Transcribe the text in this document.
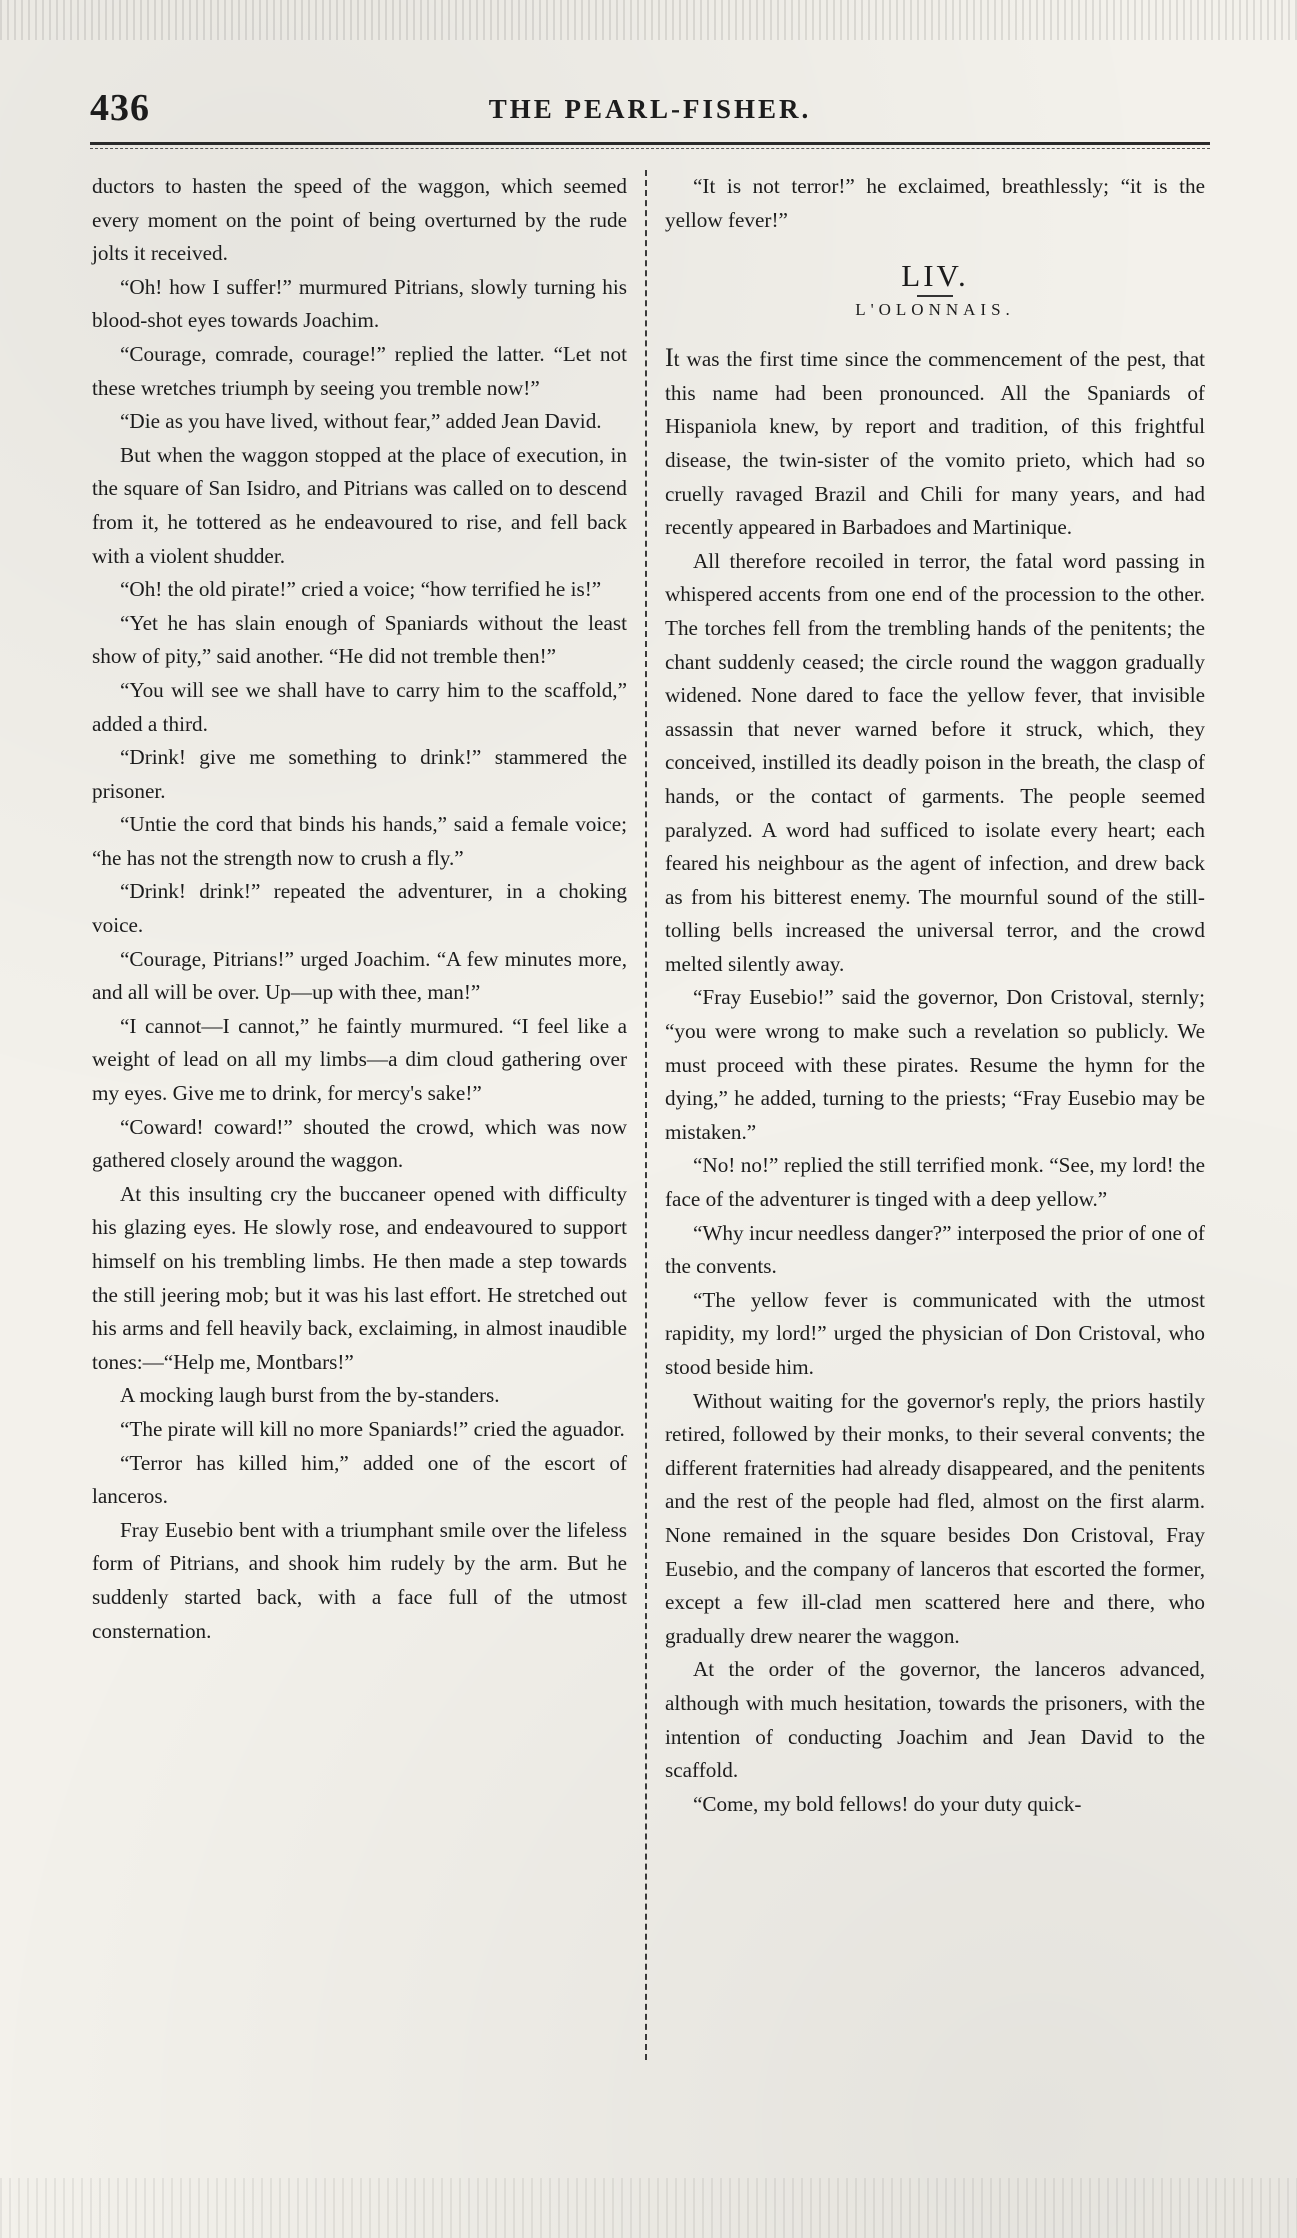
436	THE PEARL-FISHER.

ductors to hasten the speed of the waggon, which seemed every moment on the point of being overturned by the rude jolts it received.

“Oh! how I suffer!” murmured Pitrians, slowly turning his blood-shot eyes towards Joachim.

“Courage, comrade, courage!” replied the latter. “Let not these wretches triumph by seeing you tremble now!”

“Die as you have lived, without fear,” added Jean David.

But when the waggon stopped at the place of execution, in the square of San Isidro, and Pitrians was called on to descend from it, he tottered as he endeavoured to rise, and fell back with a violent shudder.

“Oh! the old pirate!” cried a voice; “how terrified he is!”

“Yet he has slain enough of Spaniards without the least show of pity,” said another. “He did not tremble then!”

“You will see we shall have to carry him to the scaffold,” added a third.

“Drink! give me something to drink!” stammered the prisoner.

“Untie the cord that binds his hands,” said a female voice; “he has not the strength now to crush a fly.”

“Drink! drink!” repeated the adventurer, in a choking voice.

“Courage, Pitrians!” urged Joachim. “A few minutes more, and all will be over. Up—up with thee, man!”

“I cannot—I cannot,” he faintly murmured. “I feel like a weight of lead on all my limbs—a dim cloud gathering over my eyes. Give me to drink, for mercy's sake!”

“Coward! coward!” shouted the crowd, which was now gathered closely around the waggon.

At this insulting cry the buccaneer opened with difficulty his glazing eyes. He slowly rose, and endeavoured to support himself on his trembling limbs. He then made a step towards the still jeering mob; but it was his last effort. He stretched out his arms and fell heavily back, exclaiming, in almost inaudible tones:—“Help me, Montbars!”

A mocking laugh burst from the by-standers.

“The pirate will kill no more Spaniards!” cried the aguador.

“Terror has killed him,” added one of the escort of lanceros.

Fray Eusebio bent with a triumphant smile over the lifeless form of Pitrians, and shook him rudely by the arm. But he suddenly started back, with a face full of the utmost consternation.

“It is not terror!” he exclaimed, breathlessly; “it is the yellow fever!”

LIV.
L'OLONNAIS.

It was the first time since the commencement of the pest, that this name had been pronounced. All the Spaniards of Hispaniola knew, by report and tradition, of this frightful disease, the twin-sister of the vomito prieto, which had so cruelly ravaged Brazil and Chili for many years, and had recently appeared in Barbadoes and Martinique.

All therefore recoiled in terror, the fatal word passing in whispered accents from one end of the procession to the other. The torches fell from the trembling hands of the penitents; the chant suddenly ceased; the circle round the waggon gradually widened. None dared to face the yellow fever, that invisible assassin that never warned before it struck, which, they conceived, instilled its deadly poison in the breath, the clasp of hands, or the contact of garments. The people seemed paralyzed. A word had sufficed to isolate every heart; each feared his neighbour as the agent of infection, and drew back as from his bitterest enemy. The mournful sound of the still-tolling bells increased the universal terror, and the crowd melted silently away.

“Fray Eusebio!” said the governor, Don Cristoval, sternly; “you were wrong to make such a revelation so publicly. We must proceed with these pirates. Resume the hymn for the dying,” he added, turning to the priests; “Fray Eusebio may be mistaken.”

“No! no!” replied the still terrified monk. “See, my lord! the face of the adventurer is tinged with a deep yellow.”

“Why incur needless danger?” interposed the prior of one of the convents.

“The yellow fever is communicated with the utmost rapidity, my lord!” urged the physician of Don Cristoval, who stood beside him.

Without waiting for the governor's reply, the priors hastily retired, followed by their monks, to their several convents; the different fraternities had already disappeared, and the penitents and the rest of the people had fled, almost on the first alarm. None remained in the square besides Don Cristoval, Fray Eusebio, and the company of lanceros that escorted the former, except a few ill-clad men scattered here and there, who gradually drew nearer the waggon.

At the order of the governor, the lanceros advanced, although with much hesitation, towards the prisoners, with the intention of conducting Joachim and Jean David to the scaffold.

“Come, my bold fellows! do your duty quick-
